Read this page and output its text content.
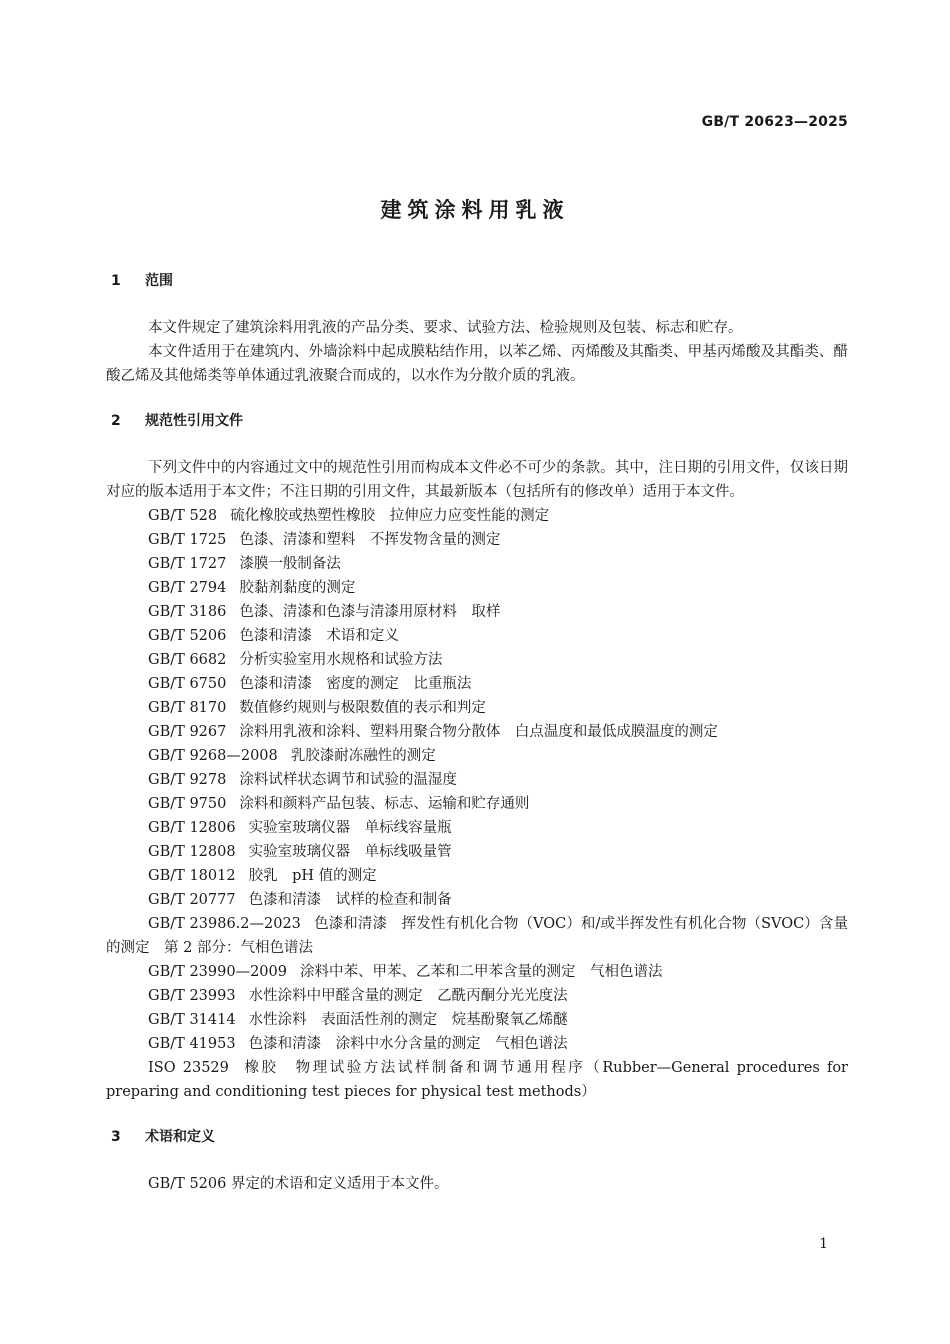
GB/T 20623—2025
建筑涂料用乳液
1	范围

本文件规定了建筑涂料用乳液的产品分类、要求、试验方法、检验规则及包装、标志和贮存。

本文件适用于在建筑内、外墙涂料中起成膜粘结作用，以苯乙烯、丙烯酸及其酯类、甲基丙烯酸及其酯类、醋酸乙烯及其他烯类等单体通过乳液聚合而成的，以水作为分散介质的乳液。

2	规范性引用文件

下列文件中的内容通过文中的规范性引用而构成本文件必不可少的条款。其中，注日期的引用文件，仅该日期对应的版本适用于本文件；不注日期的引用文件，其最新版本（包括所有的修改单）适用于本文件。

GB/T 528 硫化橡胶或热塑性橡胶 拉伸应力应变性能的测定

GB/T 1725 色漆、清漆和塑料 不挥发物含量的测定

GB/T 1727 漆膜一般制备法

GB/T 2794 胶黏剂黏度的测定

GB/T 3186 色漆、清漆和色漆与清漆用原材料 取样

GB/T 5206 色漆和清漆 术语和定义

GB/T 6682 分析实验室用水规格和试验方法

GB/T 6750 色漆和清漆 密度的测定　比重瓶法

GB/T 8170 数值修约规则与极限数值的表示和判定

GB/T 9267 涂料用乳液和涂料、塑料用聚合物分散体 白点温度和最低成膜温度的测定

GB/T 9268—2008 乳胶漆耐冻融性的测定

GB/T 9278 涂料试样状态调节和试验的温湿度

GB/T 9750 涂料和颜料产品包装、标志、运输和贮存通则

GB/T 12806 实验室玻璃仪器 单标线容量瓶

GB/T 12808 实验室玻璃仪器 单标线吸量管

GB/T 18012 胶乳 pH 值的测定

GB/T 20777 色漆和清漆 试样的检查和制备

GB/T 23986.2—2023 色漆和清漆 挥发性有机化合物（VOC）和/或半挥发性有机化合物（SVOC）含量的测定　第 2 部分：气相色谱法

GB/T 23990—2009 涂料中苯、甲苯、乙苯和二甲苯含量的测定 气相色谱法

GB/T 23993 水性涂料中甲醛含量的测定 乙酰丙酮分光光度法

GB/T 31414 水性涂料 表面活性剂的测定　烷基酚聚氧乙烯醚

GB/T 41953 色漆和清漆 涂料中水分含量的测定　气相色谱法

ISO 23529 橡胶 物理试验方法试样制备和调节通用程序（Rubber—General procedures for preparing and conditioning test pieces for physical test methods）

3	术语和定义

GB/T 5206 界定的术语和定义适用于本文件。

1
